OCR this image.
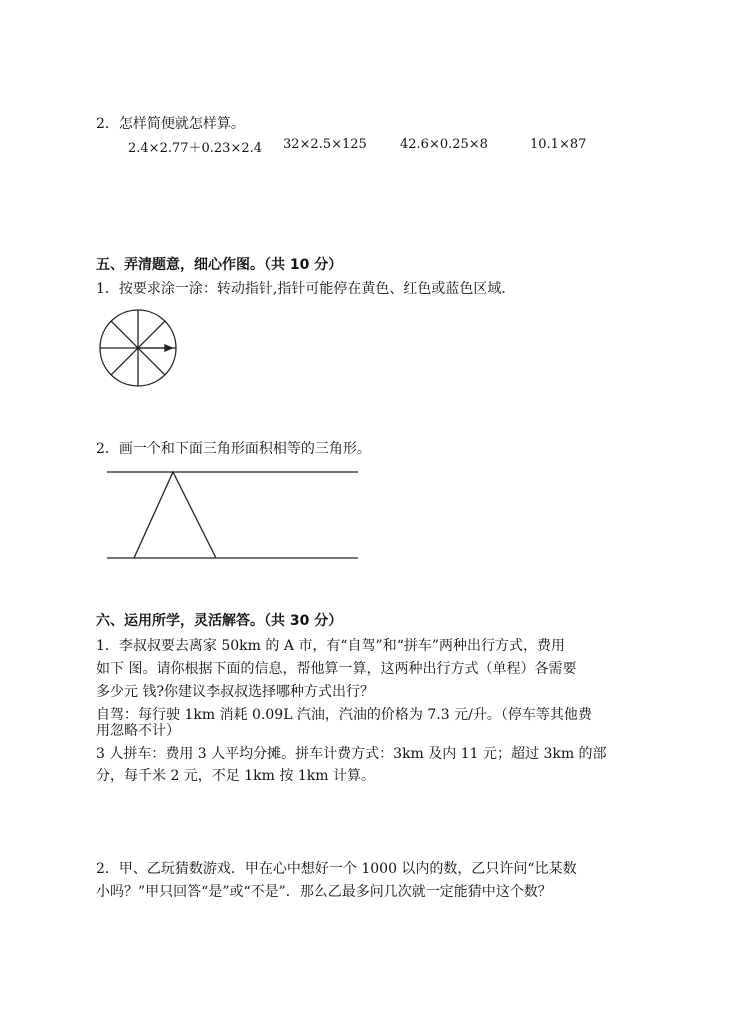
2．怎样简便就怎样算。
2.4×2.77＋0.23×2.4 32×2.5×125	42.6×0.25×8	10.1×87
五、弄清题意，细心作图。（共 10 分）
1．按要求涂一涂：转动指针,指针可能停在黄色、红色或蓝色区域.
2．画一个和下面三角形面积相等的三角形。
六、运用所学，灵活解答。（共 30 分）
1．李叔叔要去离家 50km 的 A 市，有“自驾”和“拼车”两种出行方式，费用
如下 图。请你根据下面的信息，帮他算一算，这两种出行方式（单程）各需要
多少元 钱?你建议李叔叔选择哪种方式出行？
自驾：每行驶 1km 消耗 0.09L 汽油，汽油的价格为 7.3 元/升。（停车等其他费
用忽略不计）
3 人拼车：费用 3 人平均分摊。拼车计费方式：3km 及内 11 元；超过 3km 的部
分，每千米 2 元，不足 1km 按 1km 计算。
2．甲、乙玩猜数游戏．甲在心中想好一个 1000 以内的数，乙只许问“比某数
小吗？”甲只回答“是”或“不是”．那么乙最多问几次就一定能猜中这个数？
